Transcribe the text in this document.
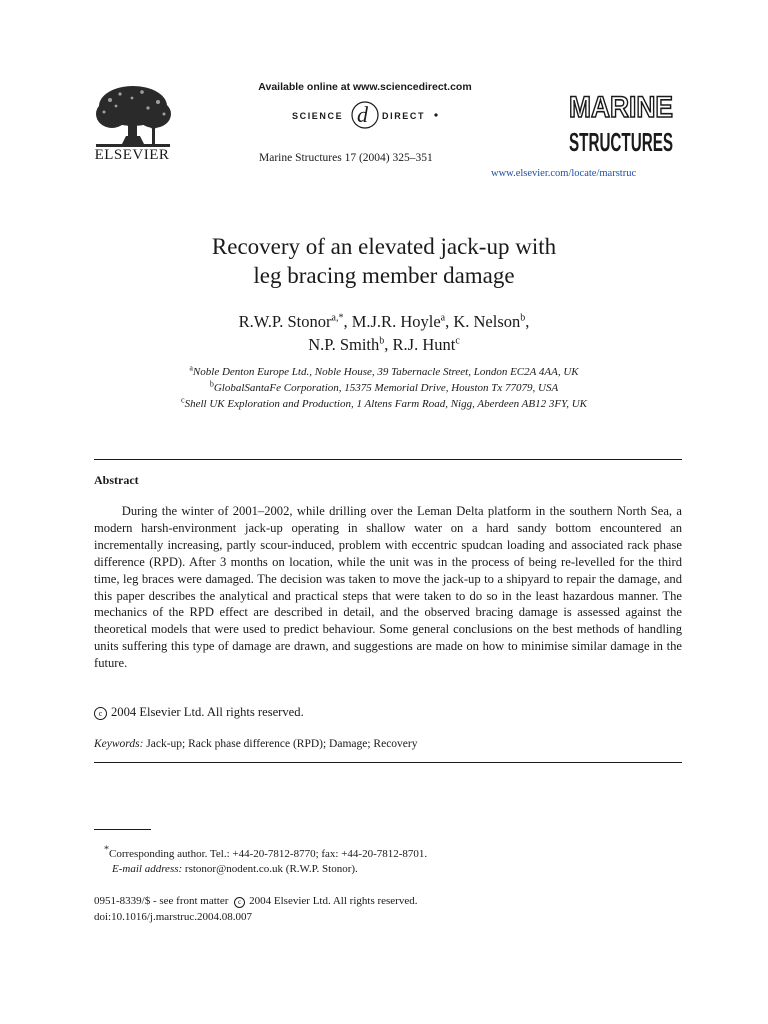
ELSEVIER
Available online at www.sciencedirect.com
SCIENCE d DIRECT
Marine Structures 17 (2004) 325–351
MARINE
STRUCTURES
www.elsevier.com/locate/marstruc
Recovery of an elevated jack-up with
leg bracing member damage
R.W.P. Stonor$^{a,*}$, M.J.R. Hoyle$^a$, K. Nelson$^b$,
N.P. Smith$^b$, R.J. Hunt$^c$
$^a$Noble Denton Europe Ltd., Noble House, 39 Tabernacle Street, London EC2A 4AA, UK
$^b$GlobalSantaFe Corporation, 15375 Memorial Drive, Houston Tx 77079, USA
$^c$Shell UK Exploration and Production, 1 Altens Farm Road, Nigg, Aberdeen AB12 3FY, UK
Abstract
During the winter of 2001–2002, while drilling over the Leman Delta platform in the southern North Sea, a modern harsh-environment jack-up operating in shallow water on a hard sandy bottom encountered an incrementally increasing, partly scour-induced, problem with eccentric spudcan loading and associated rack phase difference (RPD). After 3 months on location, while the unit was in the process of being re-levelled for the third time, leg braces were damaged. The decision was taken to move the jack-up to a shipyard to repair the damage, and this paper describes the analytical and practical steps that were taken to do so in the least hazardous manner. The mechanics of the RPD effect are described in detail, and the observed bracing damage is assessed against the theoretical models that were used to predict behaviour. Some general conclusions on the best methods of handling units suffering this type of damage are drawn, and suggestions are made on how to minimise similar damage in the future.
c 2004 Elsevier Ltd. All rights reserved.
Keywords: Jack-up; Rack phase difference (RPD); Damage; Recovery
*Corresponding author. Tel.: +44-20-7812-8770; fax: +44-20-7812-8701.
E-mail address: rstonor@nodent.co.uk (R.W.P. Stonor).
0951-8339/$ - see front matter c 2004 Elsevier Ltd. All rights reserved.
doi:10.1016/j.marstruc.2004.08.007
